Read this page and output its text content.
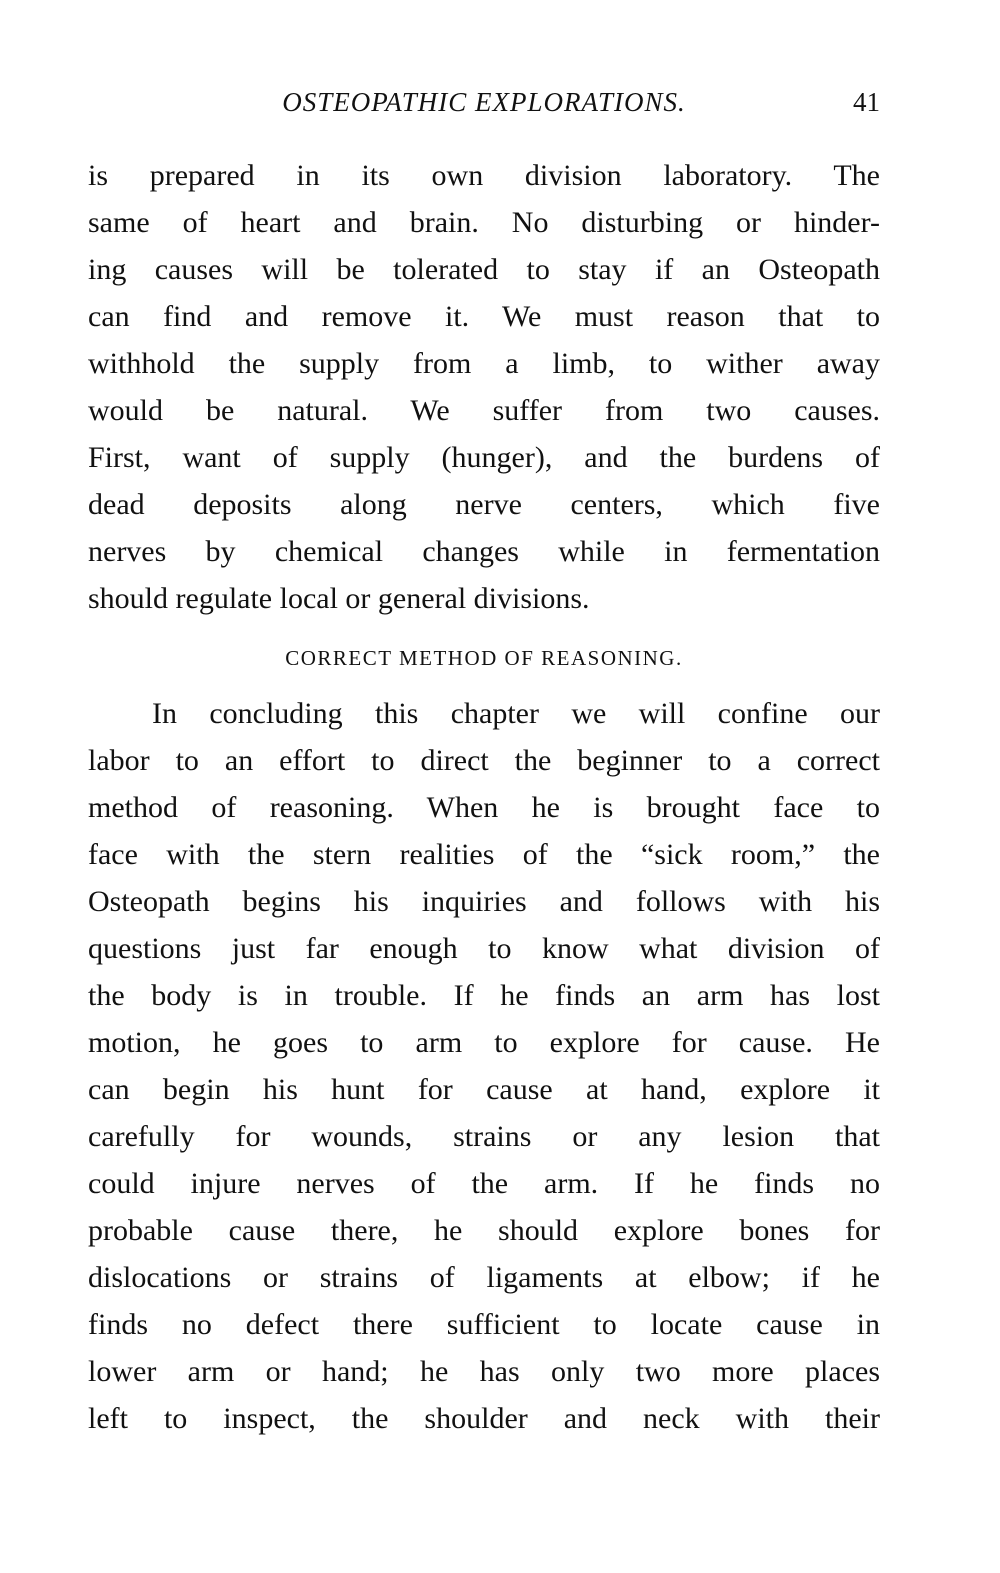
OSTEOPATHIC EXPLORATIONS.	41
is prepared in its own division laboratory. The
same of heart and brain. No disturbing or hinder-
ing causes will be tolerated to stay if an Osteopath
can find and remove it. We must reason that to
withhold the supply from a limb, to wither away
would be natural. We suffer from two causes.
First, want of supply (hunger), and the burdens of
dead deposits along nerve centers, which five
nerves by chemical changes while in fermentation
should regulate local or general divisions.
CORRECT METHOD OF REASONING.
In concluding this chapter we will confine our
labor to an effort to direct the beginner to a correct
method of reasoning. When he is brought face to
face with the stern realities of the “sick room,” the
Osteopath begins his inquiries and follows with his
questions just far enough to know what division of
the body is in trouble. If he finds an arm has lost
motion, he goes to arm to explore for cause. He
can begin his hunt for cause at hand, explore it
carefully for wounds, strains or any lesion that
could injure nerves of the arm. If he finds no
probable cause there, he should explore bones for
dislocations or strains of ligaments at elbow; if he
finds no defect there sufficient to locate cause in
lower arm or hand; he has only two more places
left to inspect, the shoulder and neck with their
